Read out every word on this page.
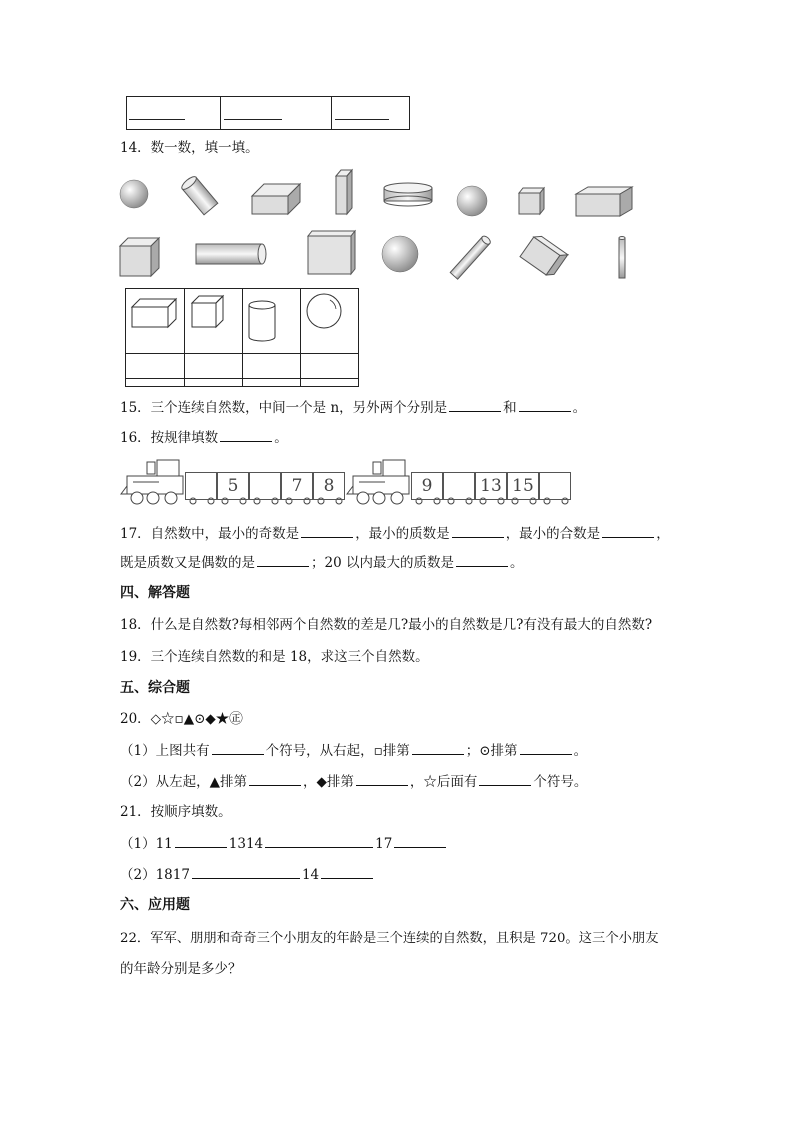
14．数一数，填一填。
15．三个连续自然数，中间一个是 n，另外两个分别是	和	。
16．按规律填数	。
5	7	8	9	13 15
17．自然数中，最小的奇数是	，最小的质数是	，最小的合数是	，
既是质数又是偶数的是	；20 以内最大的质数是	。
四、解答题
18．什么是自然数?每相邻两个自然数的差是几?最小的自然数是几?有没有最大的自然数?
19．三个连续自然数的和是 18，求这三个自然数。
五、综合题
20．◇☆▫▲⊙◆★㊣
（1）上图共有	个符号，从右起，▫排第	；⊙排第	。
（2）从左起，▲排第	，◆排第	，☆后面有	个符号。
21．按顺序填数。
（1）11	1314	17
（2）1817	14
六、应用题
22．军军、朋朋和奇奇三个小朋友的年龄是三个连续的自然数，且积是 720。这三个小朋友
的年龄分别是多少？
